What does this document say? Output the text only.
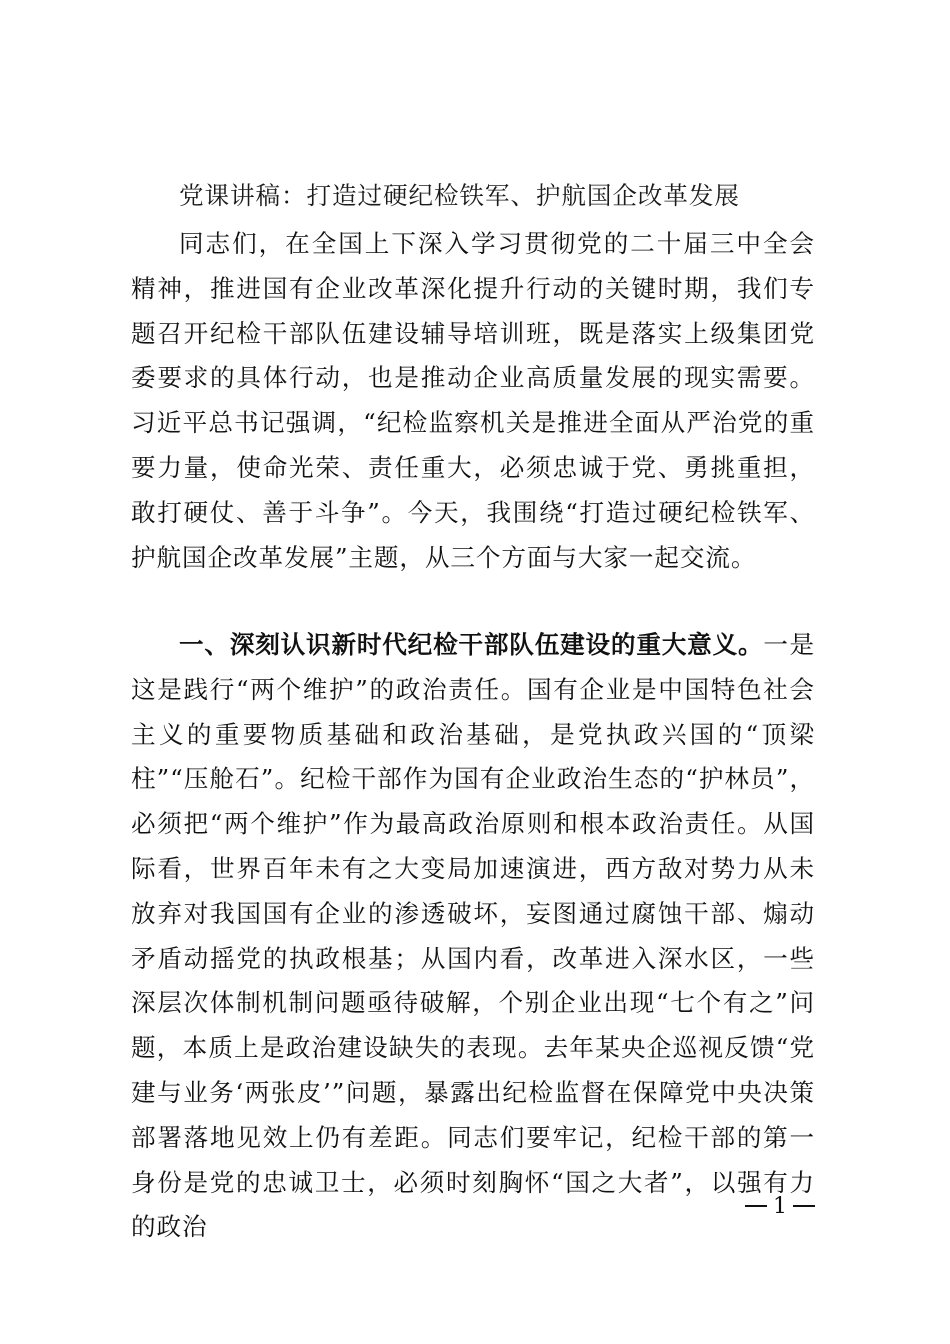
党课讲稿：打造过硬纪检铁军、护航国企改革发展

同志们，在全国上下深入学习贯彻党的二十届三中全会精神，推进国有企业改革深化提升行动的关键时期，我们专题召开纪检干部队伍建设辅导培训班，既是落实上级集团党委要求的具体行动，也是推动企业高质量发展的现实需要。习近平总书记强调，“纪检监察机关是推进全面从严治党的重要力量，使命光荣、责任重大，必须忠诚于党、勇挑重担，敢打硬仗、善于斗争”。今天，我围绕“打造过硬纪检铁军、护航国企改革发展”主题，从三个方面与大家一起交流。

一、深刻认识新时代纪检干部队伍建设的重大意义。一是这是践行“两个维护”的政治责任。国有企业是中国特色社会主义的重要物质基础和政治基础，是党执政兴国的“顶梁柱”“压舱石”。纪检干部作为国有企业政治生态的“护林员”，必须把“两个维护”作为最高政治原则和根本政治责任。从国际看，世界百年未有之大变局加速演进，西方敌对势力从未放弃对我国国有企业的渗透破坏，妄图通过腐蚀干部、煽动矛盾动摇党的执政根基；从国内看，改革进入深水区，一些深层次体制机制问题亟待破解，个别企业出现“七个有之”问题，本质上是政治建设缺失的表现。去年某央企巡视反馈“党建与业务‘两张皮’”问题，暴露出纪检监督在保障党中央决策部署落地见效上仍有差距。同志们要牢记，纪检干部的第一身份是党的忠诚卫士，必须时刻胸怀“国之大者”，以强有力的政治

1
